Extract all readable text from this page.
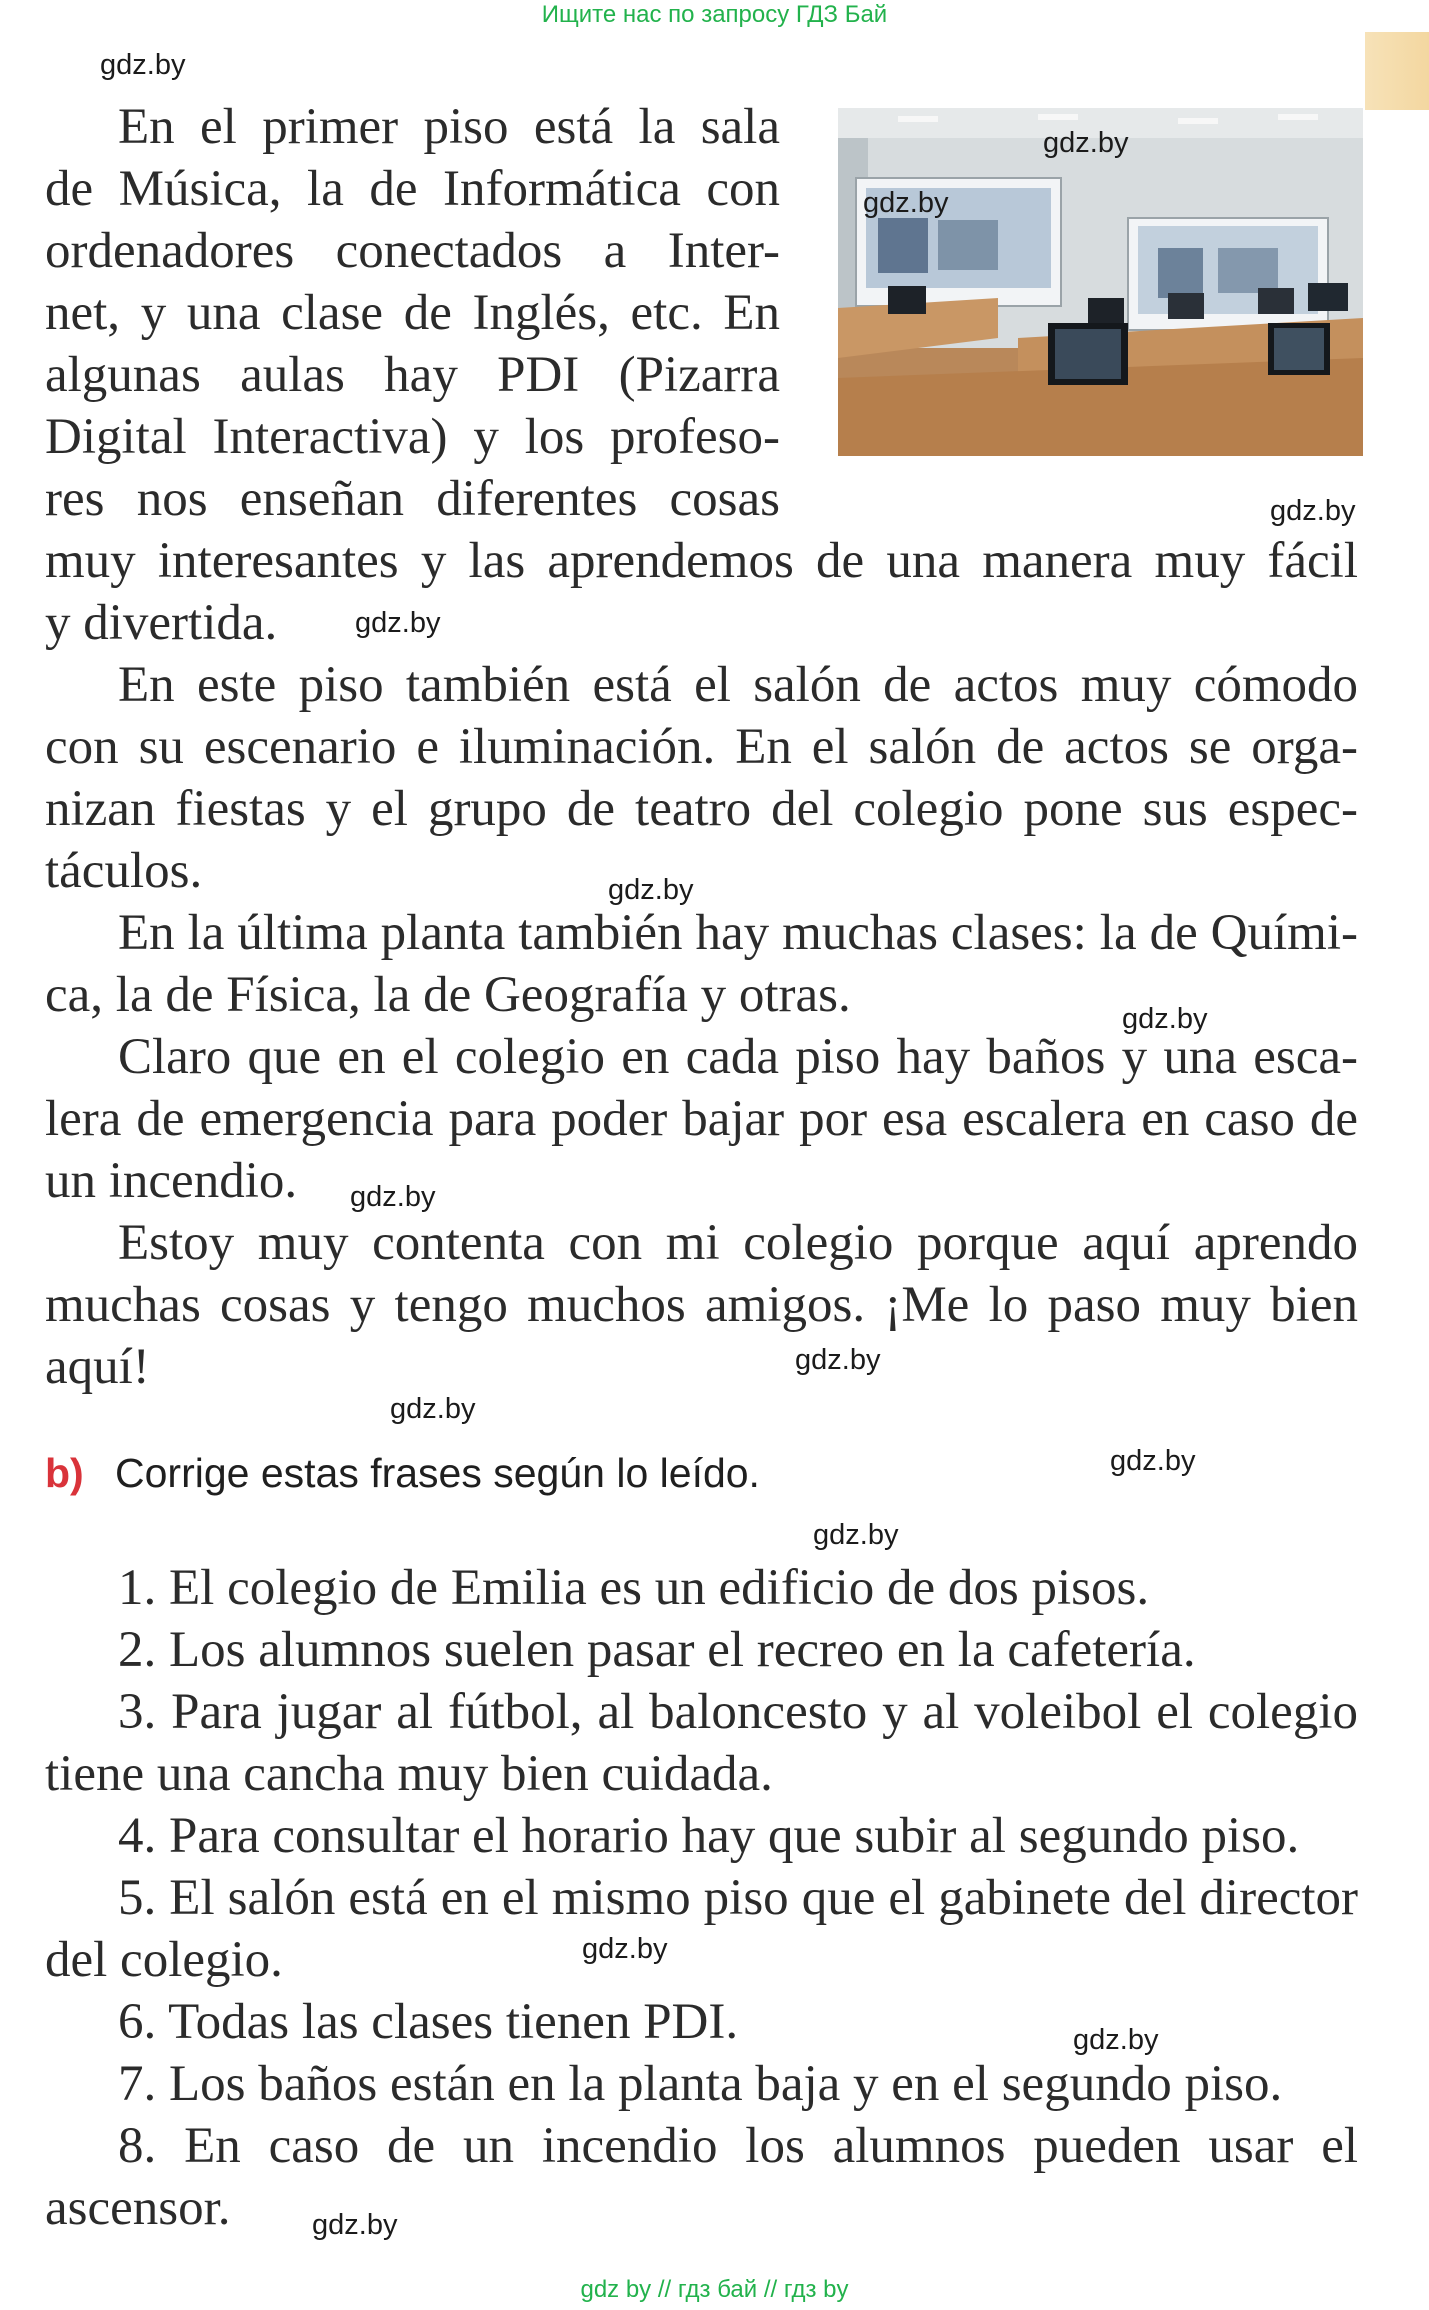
Ищите нас по запросу ГДЗ Бай
gdz.by
gdz.by
gdz.by
gdz.by
gdz.by
gdz.by
gdz.by
gdz.by
gdz.by
gdz.by
gdz.by
gdz.by
gdz.by
gdz.by
gdz.by
En el primer piso está la sala
de Música, la de Informática con
ordenadores conectados a Inter-
net, y una clase de Inglés, etc. En
algunas aulas hay PDI (Pizarra
Digital Interactiva) y los profeso-
res nos enseñan diferentes cosas
muy interesantes y las aprendemos de una manera muy fácil
y divertida.
En este piso también está el salón de actos muy cómodo
con su escenario e iluminación. En el salón de actos se orga-
nizan fiestas y el grupo de teatro del colegio pone sus espec-
táculos.
En la última planta también hay muchas clases: la de Quími-
ca, la de Física, la de Geografía y otras.
Claro que en el colegio en cada piso hay baños y una esca-
lera de emergencia para poder bajar por esa escalera en caso de
un incendio.
Estoy muy contenta con mi colegio porque aquí aprendo
muchas cosas y tengo muchos amigos. ¡Me lo paso muy bien
aquí!
b) Corrige estas frases según lo leído.
1. El colegio de Emilia es un edificio de dos pisos.
2. Los alumnos suelen pasar el recreo en la cafetería.
3. Para jugar al fútbol, al baloncesto y al voleibol el colegio
tiene una cancha muy bien cuidada.
4. Para consultar el horario hay que subir al segundo piso.
5. El salón está en el mismo piso que el gabinete del director
del colegio.
6. Todas las clases tienen PDI.
7. Los baños están en la planta baja y en el segundo piso.
8. En caso de un incendio los alumnos pueden usar el
ascensor.
gdz by // гдз бай // гдз by
